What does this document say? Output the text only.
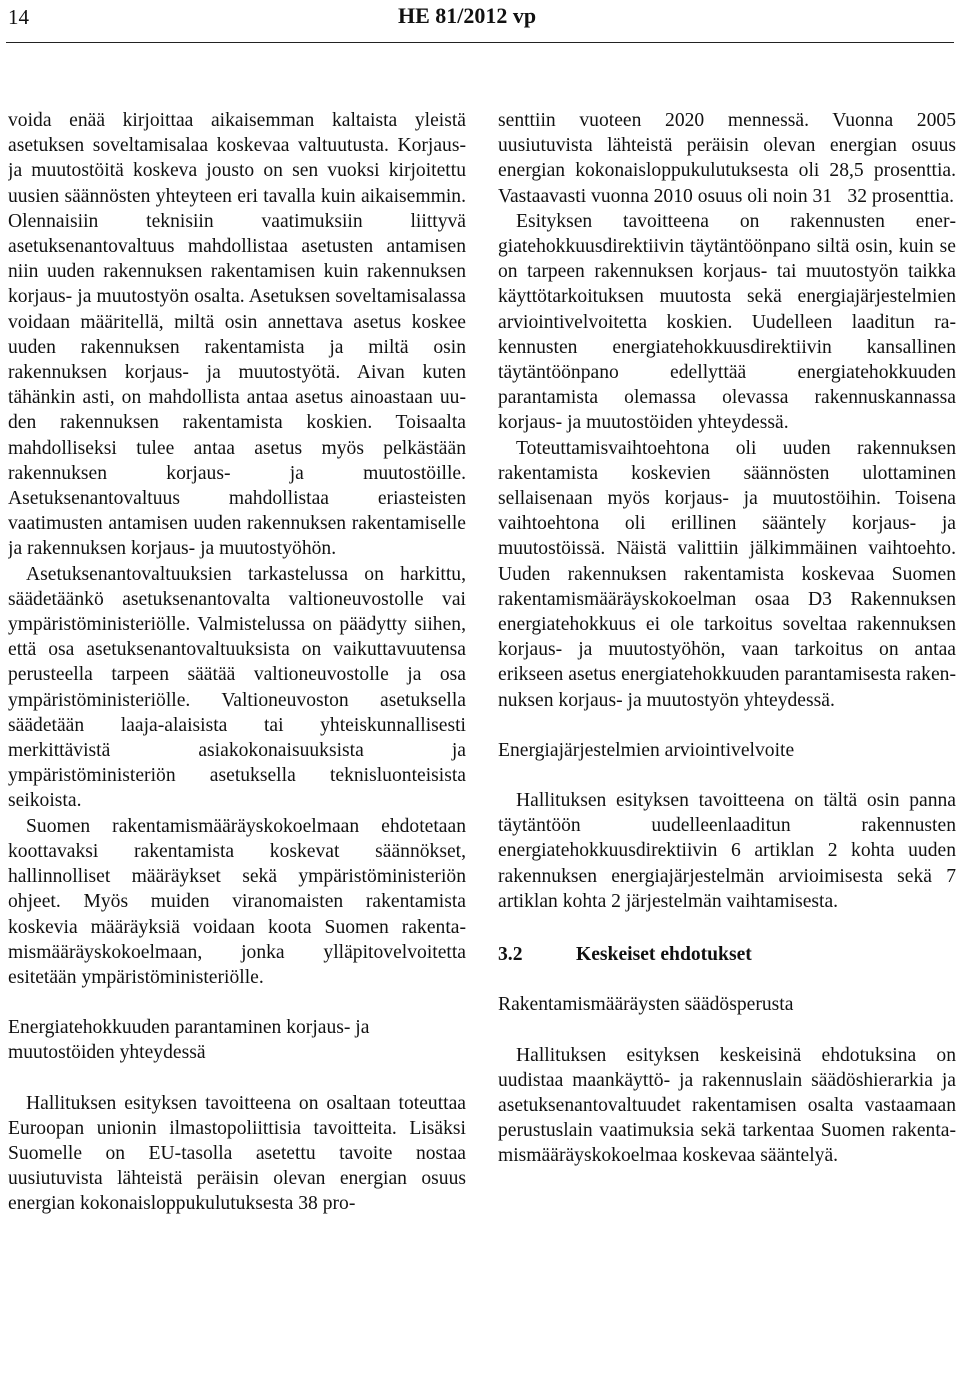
14	HE 81/2012 vp

voida enää kirjoittaa aikaisemman kaltaista yleistä asetuksen soveltamisalaa koskevaa valtuutusta. Korjaus- ja muutostöitä koskeva jousto on sen vuoksi kirjoitettu uusien säännösten yhteyteen eri tavalla kuin aikaisemmin. Olennaisiin teknisiin vaatimuksiin liittyvä asetuksenantovaltuus mahdollistaa asetusten antamisen niin uuden rakennuksen rakentamisen kuin rakennuksen korjaus- ja muutostyön osalta. Asetuksen soveltamisalassa voidaan määritellä, miltä osin annettava asetus koskee uuden rakennuksen rakentamista ja miltä osin rakennuksen korjaus- ja muutostyötä. Aivan kuten tähänkin asti, on mahdollista antaa asetus ainoastaan uuden rakennuksen rakentamista koskien. Toisaalta mahdolliseksi tulee antaa asetus myös pelkästään rakennuksen korjaus- ja muutostöille. Asetuksenantovaltuus mahdollistaa eriasteisten vaatimusten antamisen uuden rakennuksen rakentamiselle ja rakennuksen korjaus- ja muutostyöhön.

Asetuksenantovaltuuksien tarkastelussa on harkittu, säädetäänkö asetuksenantovalta valtioneuvostolle vai ympäristöministeriölle. Valmistelussa on päädytty siihen, että osa asetuksenantovaltuuksista on vaikuttavuutensa perusteella tarpeen säätää valtioneuvostolle ja osa ympäristöministeriölle. Valtioneuvoston asetuksella säädetään laaja-alaisista tai yhteiskunnallisesti merkittävistä asiakokonaisuuksista ja ympäristöministeriön asetuksella teknisluonteisista seikoista.

Suomen rakentamismääräyskokoelmaan ehdotetaan koottavaksi rakentamista koskevat säännökset, hallinnolliset määräykset sekä ympäristöministeriön ohjeet. Myös muiden viranomaisten rakentamista koskevia määräyksiä voidaan koota Suomen rakentamismääräyskokoelmaan, jonka ylläpitovelvoitetta esitetään ympäristöministeriölle.

Energiatehokkuuden parantaminen korjaus- ja muutostöiden yhteydessä

Hallituksen esityksen tavoitteena on osaltaan toteuttaa Euroopan unionin ilmastopoliittisia tavoitteita. Lisäksi Suomelle on EU-tasolla asetettu tavoite nostaa uusiutuvista lähteistä peräisin olevan energian osuus energian kokonaisloppukulutuksesta 38 pro-

senttiin vuoteen 2020 mennessä. Vuonna 2005 uusiutuvista lähteistä peräisin olevan energian osuus energian kokonaisloppukulutuksesta oli 28,5 prosenttia. Vastaavasti vuonna 2010 osuus oli noin 31 32 prosenttia.

Esityksen tavoitteena on rakennusten energiatehokkuusdirektiivin täytäntöönpano siltä osin, kuin se on tarpeen rakennuksen korjaus- tai muutostyön taikka käyttötarkoituksen muutosta sekä energiajärjestelmien arviointivelvoitetta koskien. Uudelleen laaditun rakennusten energiatehokkuusdirektiivin kansallinen täytäntöönpano edellyttää energiatehokkuuden parantamista olemassa olevassa rakennuskannassa korjaus- ja muutostöiden yhteydessä.

Toteuttamisvaihtoehtona oli uuden rakennuksen rakentamista koskevien säännösten ulottaminen sellaisenaan myös korjaus- ja muutostöihin. Toisena vaihtoehtona oli erillinen sääntely korjaus- ja muutostöissä. Näistä valittiin jälkimmäinen vaihtoehto. Uuden rakennuksen rakentamista koskevaa Suomen rakentamismääräyskokoelman osaa D3 Rakennuksen energiatehokkuus ei ole tarkoitus soveltaa rakennuksen korjaus- ja muutostyöhön, vaan tarkoitus on antaa erikseen asetus energiatehokkuuden parantamisesta rakennuksen korjaus- ja muutostyön yhteydessä.

Energiajärjestelmien arviointivelvoite

Hallituksen esityksen tavoitteena on tältä osin panna täytäntöön uudelleenlaaditun rakennusten energiatehokkuusdirektiivin 6 artiklan 2 kohta uuden rakennuksen energiajärjestelmän arvioimisesta sekä 7 artiklan kohta 2 järjestelmän vaihtamisesta.

3.2	Keskeiset ehdotukset

Rakentamismääräysten säädösperusta

Hallituksen esityksen keskeisinä ehdotuksina on uudistaa maankäyttö- ja rakennuslain säädöshierarkia ja asetuksenantovaltuudet rakentamisen osalta vastaamaan perustuslain vaatimuksia sekä tarkentaa Suomen rakentamismääräyskokoelmaa koskevaa sääntelyä.
